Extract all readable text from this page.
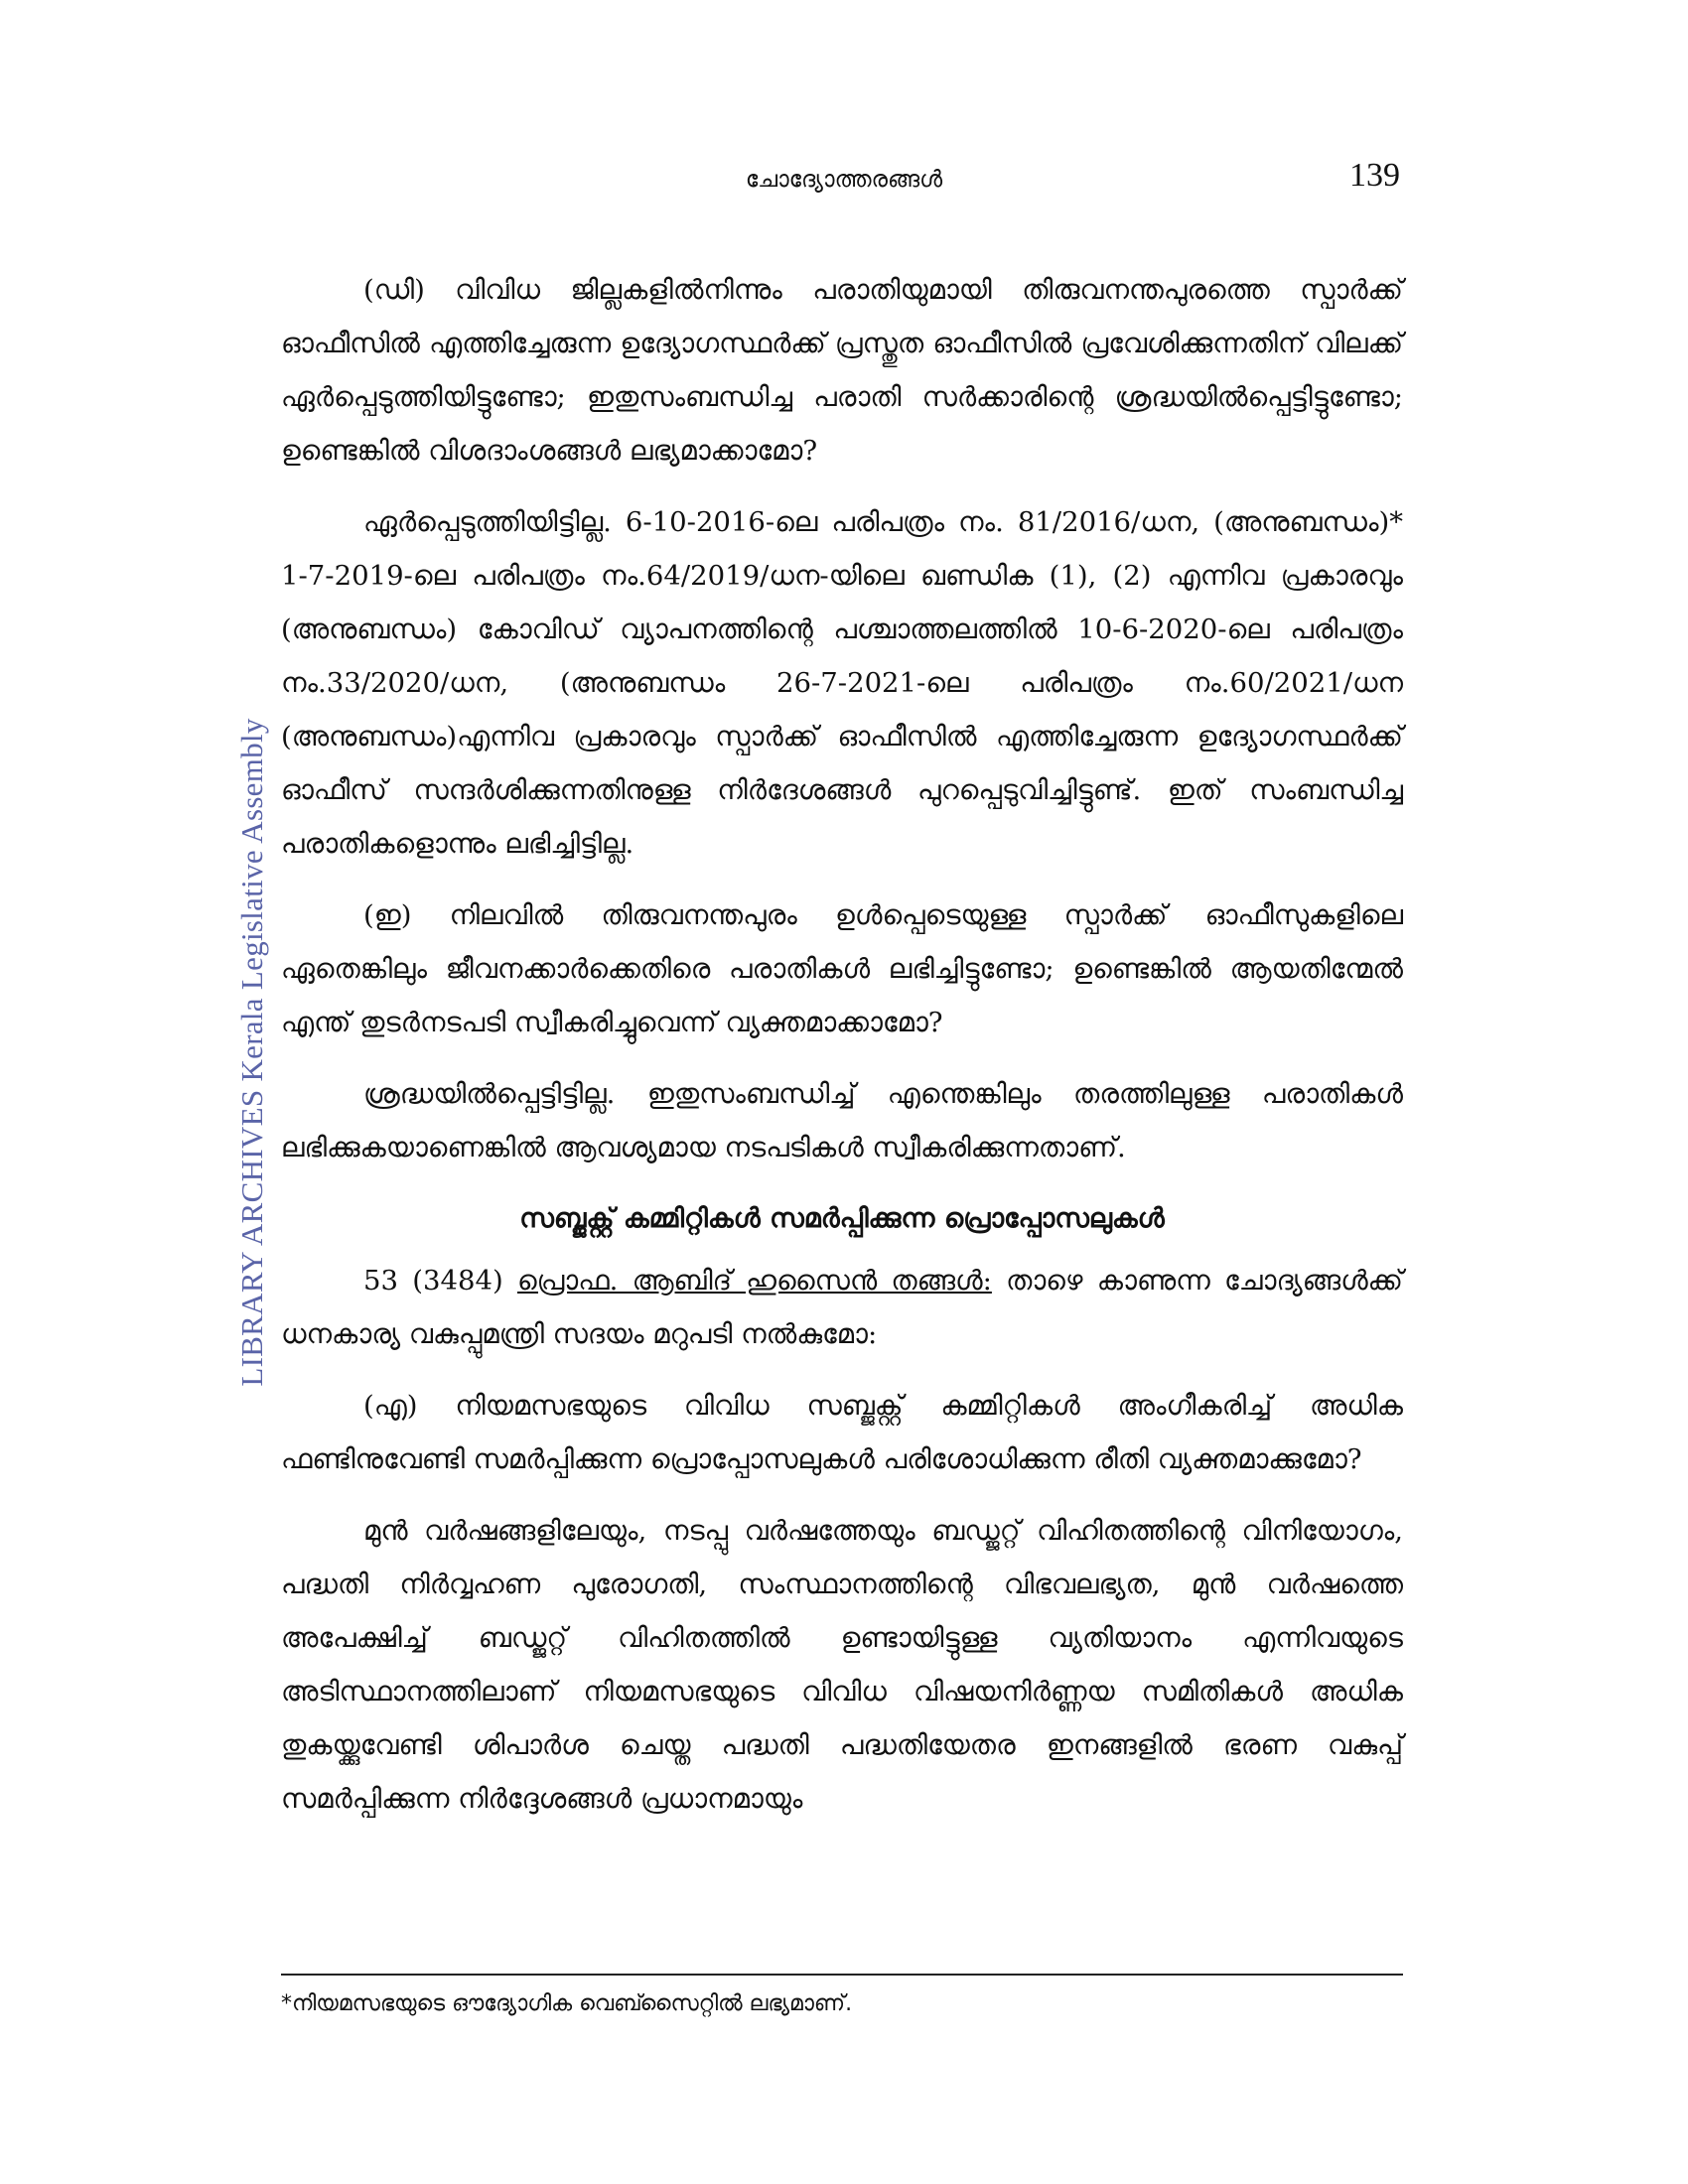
ചോദ്യോത്തരങ്ങൾ	139
LIBRARY ARCHIVES Kerala Legislative Assembly

(ഡി) വിവിധ ജില്ലകളിൽനിന്നും പരാതിയുമായി തിരുവനന്തപുരത്തെ സ്പാർക്ക് ഓഫീസിൽ എത്തിച്ചേരുന്ന ഉദ്യോഗസ്ഥർക്ക് പ്രസ്തുത ഓഫീസിൽ പ്രവേശിക്കുന്നതിന് വിലക്ക് ഏർപ്പെടുത്തിയിട്ടുണ്ടോ; ഇതുസംബന്ധിച്ച പരാതി സർക്കാരിന്റെ ശ്രദ്ധയിൽപ്പെട്ടിട്ടുണ്ടോ; ഉണ്ടെങ്കിൽ വിശദാംശങ്ങൾ ലഭ്യമാക്കാമോ?

ഏർപ്പെടുത്തിയിട്ടില്ല. 6-10-2016-ലെ പരിപത്രം നം. 81/2016/ധന, (അനുബന്ധം)* 1-7-2019-ലെ പരിപത്രം നം.64/2019/ധന-യിലെ ഖണ്ഡിക (1), (2) എന്നിവ പ്രകാരവും (അനുബന്ധം) കോവിഡ് വ്യാപനത്തിന്റെ പശ്ചാത്തലത്തിൽ 10-6-2020-ലെ പരിപത്രം നം.33/2020/ധന, (അനുബന്ധം 26-7-2021-ലെ പരിപത്രം നം.60/2021/ധന (അനുബന്ധം)എന്നിവ പ്രകാരവും സ്പാർക്ക് ഓഫീസിൽ എത്തിച്ചേരുന്ന ഉദ്യോഗസ്ഥർക്ക് ഓഫീസ് സന്ദർശിക്കുന്നതിനുള്ള നിർദേശങ്ങൾ പുറപ്പെടുവിച്ചിട്ടുണ്ട്. ഇത് സംബന്ധിച്ച പരാതികളൊന്നും ലഭിച്ചിട്ടില്ല.

(ഇ) നിലവിൽ തിരുവനന്തപുരം ഉൾപ്പെടെയുള്ള സ്പാർക്ക് ഓഫീസുകളിലെ ഏതെങ്കിലും ജീവനക്കാർക്കെതിരെ പരാതികൾ ലഭിച്ചിട്ടുണ്ടോ; ഉണ്ടെങ്കിൽ ആയതിന്മേൽ എന്ത് തുടർനടപടി സ്വീകരിച്ചുവെന്ന് വ്യക്തമാക്കാമോ?

ശ്രദ്ധയിൽപ്പെട്ടിട്ടില്ല. ഇതുസംബന്ധിച്ച് എന്തെങ്കിലും തരത്തിലുള്ള പരാതികൾ ലഭിക്കുകയാണെങ്കിൽ ആവശ്യമായ നടപടികൾ സ്വീകരിക്കുന്നതാണ്.

സബ്ജക്റ്റ് കമ്മിറ്റികൾ സമർപ്പിക്കുന്ന പ്രൊപ്പോസലുകൾ

53 (3484) പ്രൊഫ. ആബിദ് ഹുസൈൻ തങ്ങൾ: താഴെ കാണുന്ന ചോദ്യങ്ങൾക്ക് ധനകാര്യ വകുപ്പുമന്ത്രി സദയം മറുപടി നൽകുമോ:

(എ) നിയമസഭയുടെ വിവിധ സബ്ജക്റ്റ് കമ്മിറ്റികൾ അംഗീകരിച്ച് അധിക ഫണ്ടിനുവേണ്ടി സമർപ്പിക്കുന്ന പ്രൊപ്പോസലുകൾ പരിശോധിക്കുന്ന രീതി വ്യക്തമാക്കുമോ?

മുൻ വർഷങ്ങളിലേയും, നടപ്പു വർഷത്തേയും ബഡ്ജറ്റ് വിഹിതത്തിന്റെ വിനിയോഗം, പദ്ധതി നിർവ്വഹണ പുരോഗതി, സംസ്ഥാനത്തിന്റെ വിഭവലഭ്യത, മുൻ വർഷത്തെ അപേക്ഷിച്ച് ബഡ്ജറ്റ് വിഹിതത്തിൽ ഉണ്ടായിട്ടുള്ള വ്യതിയാനം എന്നിവയുടെ അടിസ്ഥാനത്തിലാണ് നിയമസഭയുടെ വിവിധ വിഷയനിർണ്ണയ സമിതികൾ അധിക തുകയ്ക്കുവേണ്ടി ശിപാർശ ചെയ്ത പദ്ധതി പദ്ധതിയേതര ഇനങ്ങളിൽ ഭരണ വകുപ്പ് സമർപ്പിക്കുന്ന നിർദ്ദേശങ്ങൾ പ്രധാനമായും

*നിയമസഭയുടെ ഔദ്യോഗിക വെബ്സൈറ്റിൽ ലഭ്യമാണ്.
